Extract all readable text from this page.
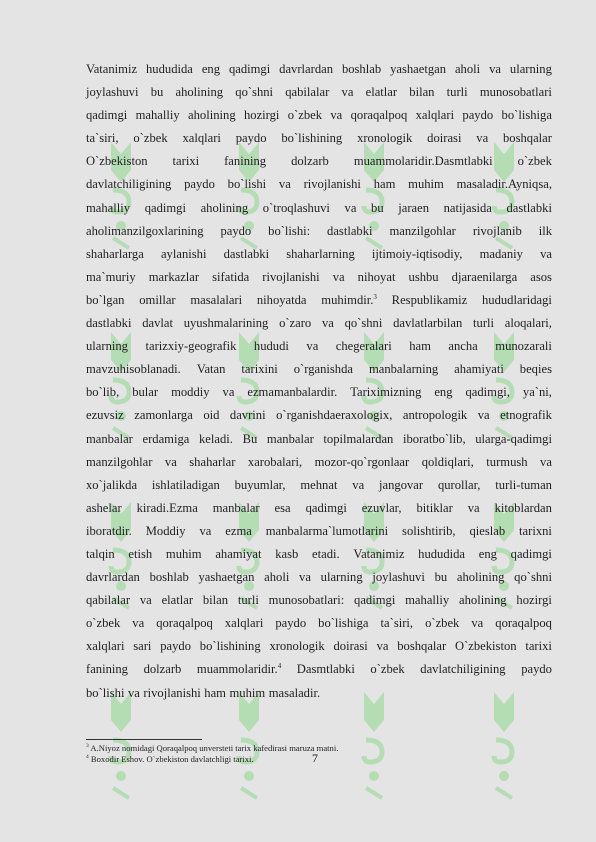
Vatanimiz hududida eng qadimgi davrlardan boshlab yashaetgan aholi va ularning
joylashuvi bu aholining qo`shni qabilalar va elatlar bilan turli munosobatlari
qadimgi mahalliy aholining hozirgi o`zbek va qoraqalpoq xalqlari paydo bo`lishiga
ta`siri, o`zbek xalqlari paydo bo`lishining xronologik doirasi va boshqalar
O`zbekiston tarixi fanining dolzarb muammolaridir.Dasmtlabki o`zbek
davlatchiligining paydo bo`lishi va rivojlanishi ham muhim masaladir.Ayniqsa,
mahalliy qadimgi aholining o`troqlashuvi va bu jaraen natijasida dastlabki
aholimanzilgoxlarining paydo bo`lishi: dastlabki manzilgohlar rivojlanib ilk
shaharlarga aylanishi dastlabki shaharlarning ijtimoiy-iqtisodiy, madaniy va
ma`muriy markazlar sifatida rivojlanishi va nihoyat ushbu djaraenilarga asos
bo`lgan omillar masalalari nihoyatda muhimdir.$^3$ Respublikamiz hududlaridagi
dastlabki davlat uyushmalarining o`zaro va qo`shni davlatlarbilan turli aloqalari,
ularning tarizxiy-geografik hududi va chegeralari ham ancha munozarali
mavzuhisoblanadi. Vatan tarixini o`rganishda manbalarning ahamiyati beqies
bo`lib, bular moddiy va ezmamanbalardir. Tariximizning eng qadimgi, ya`ni,
ezuvsiz zamonlarga oid davrini o`rganishdaeraxologix, antropologik va etnografik
manbalar erdamiga keladi. Bu manbalar topilmalardan iboratbo`lib, ularga-qadimgi
manzilgohlar va shaharlar xarobalari, mozor-qo`rgonlaar qoldiqlari, turmush va
xo`jalikda ishlatiladigan buyumlar, mehnat va jangovar qurollar, turli-tuman
ashelar kiradi.Ezma manbalar esa qadimgi ezuvlar, bitiklar va kitoblardan
iboratdir. Moddiy va ezma manbalarma`lumotlarini solishtirib, qieslab tarixni
talqin etish muhim ahamiyat kasb etadi. Vatanimiz hududida eng qadimgi
davrlardan boshlab yashaetgan aholi va ularning joylashuvi bu aholining qo`shni
qabilalar va elatlar bilan turli munosobatlari: qadimgi mahalliy aholining hozirgi
o`zbek va qoraqalpoq xalqlari paydo bo`lishiga ta`siri, o`zbek va qoraqalpoq
xalqlari sari paydo bo`lishining xronologik doirasi va boshqalar O`zbekiston tarixi
fanining dolzarb muammolaridir.$^4$ Dasmtlabki o`zbek davlatchiligining paydo
bo`lishi va rivojlanishi ham muhim masaladir.
$^3$ A.Niyoz nomidagi Qoraqalpoq unversteti tarix kafedirasi maruza matni.
$^4$ Boxodir Eshov. O`zbekiston davlatchligi tarixi.	7
